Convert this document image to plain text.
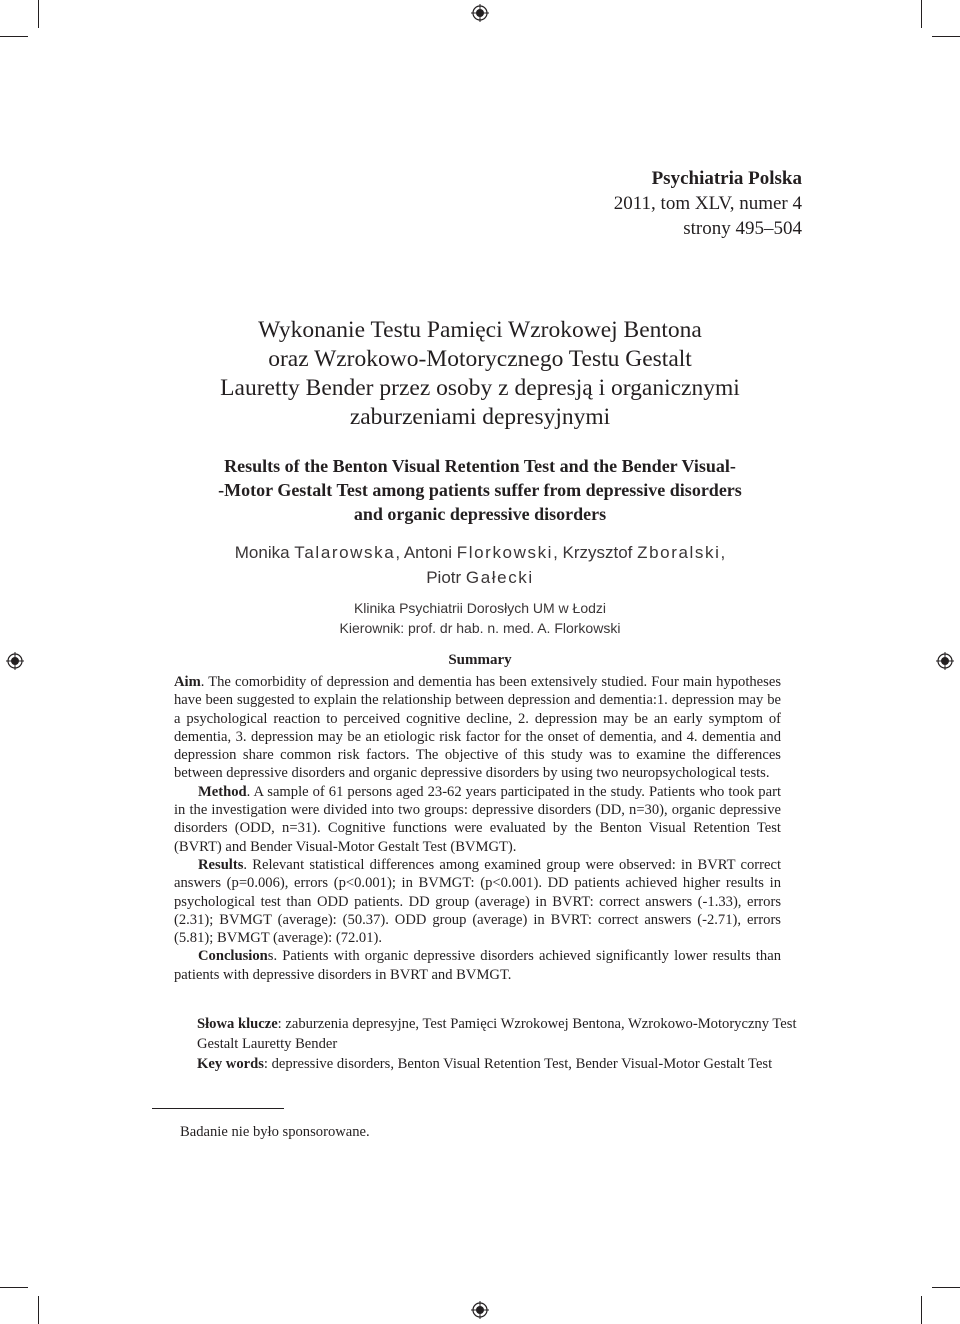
Psychiatria Polska
2011, tom XLV, numer 4
strony 495–504
Wykonanie Testu Pamięci Wzrokowej Bentona
oraz Wzrokowo-Motorycznego Testu Gestalt
Lauretty Bender przez osoby z depresją i organicznymi
zaburzeniami depresyjnymi
Results of the Benton Visual Retention Test and the Bender Visual-
-Motor Gestalt Test among patients suffer from depressive disorders
and organic depressive disorders
Monika Talarowska, Antoni Florkowski, Krzysztof Zboralski,
Piotr Gałecki
Klinika Psychiatrii Dorosłych UM w Łodzi
Kierownik: prof. dr hab. n. med. A. Florkowski
Summary

Aim. The comorbidity of depression and dementia has been extensively studied. Four main hypotheses have been suggested to explain the relationship between depression and dementia:1. depression may be a psychological reaction to perceived cognitive decline, 2. depression may be an early symptom of dementia, 3. depression may be an etiologic risk factor for the onset of dementia, and 4. dementia and depression share common risk factors. The objective of this study was to examine the differences between depressive disorders and organic depressive disorders by using two neuropsychological tests.

Method. A sample of 61 persons aged 23-62 years participated in the study. Patients who took part in the investigation were divided into two groups: depressive disorders (DD, n=30), organic depressive disorders (ODD, n=31). Cognitive functions were evaluated by the Benton Visual Retention Test (BVRT) and Bender Visual-Motor Gestalt Test (BVMGT).

Results. Relevant statistical differences among examined group were observed: in BVRT correct answers (p=0.006), errors (p<0.001); in BVMGT: (p<0.001). DD patients achieved higher results in psychological test than ODD patients. DD group (average) in BVRT: correct answers (-1.33), errors (2.31); BVMGT (average): (50.37). ODD group (average) in BVRT: correct answers (-2.71), errors (5.81); BVMGT (average): (72.01).

Conclusions. Patients with organic depressive disorders achieved significantly lower results than patients with depressive disorders in BVRT and BVMGT.

Słowa klucze: zaburzenia depresyjne, Test Pamięci Wzrokowej Bentona, Wzrokowo-Motoryczny Test Gestalt Lauretty Bender

Key words: depressive disorders, Benton Visual Retention Test, Bender Visual-Motor Gestalt Test

Badanie nie było sponsorowane.
